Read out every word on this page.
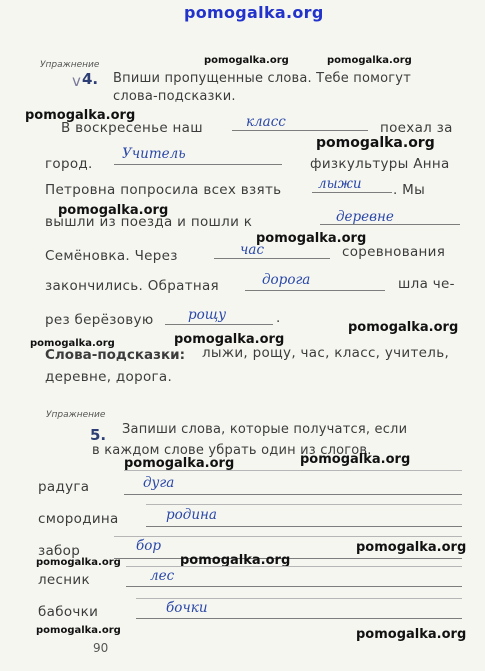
pomogalka.org
Упражнение	pomogalka.org	pomogalka.org
v 4. Впиши пропущенные слова. Тебе помогут
слова-подсказки.
pomogalka.org
В воскресенье наш	класс	поехал за
pomogalka.org
город.
Учитель
физкультуры Анна
Петровна попросила всех взять	лыжи . Мы
pomogalka.org
вышли из поезда и пошли к	деревне
pomogalka.org
Семёновка. Через	час	соревнования
закончились. Обратная	дорога	шла че-
рез берёзовую	рощу	.
pomogalka.org
pomogalka.org
pomogalka.org
Слова-подсказки: лыжи, рощу, час, класс, учитель,
деревне, дорога.
Упражнение
5. Запиши слова, которые получатся, если
в каждом слове убрать один из слогов.
pomogalka.org	pomogalka.org
радуга	дуга
смородина	родина
забор	бор	pomogalka.org
pomogalka.org
pomogalka.org
лесник	лес
бабочки	бочки
pomogalka.org	pomogalka.org
90
